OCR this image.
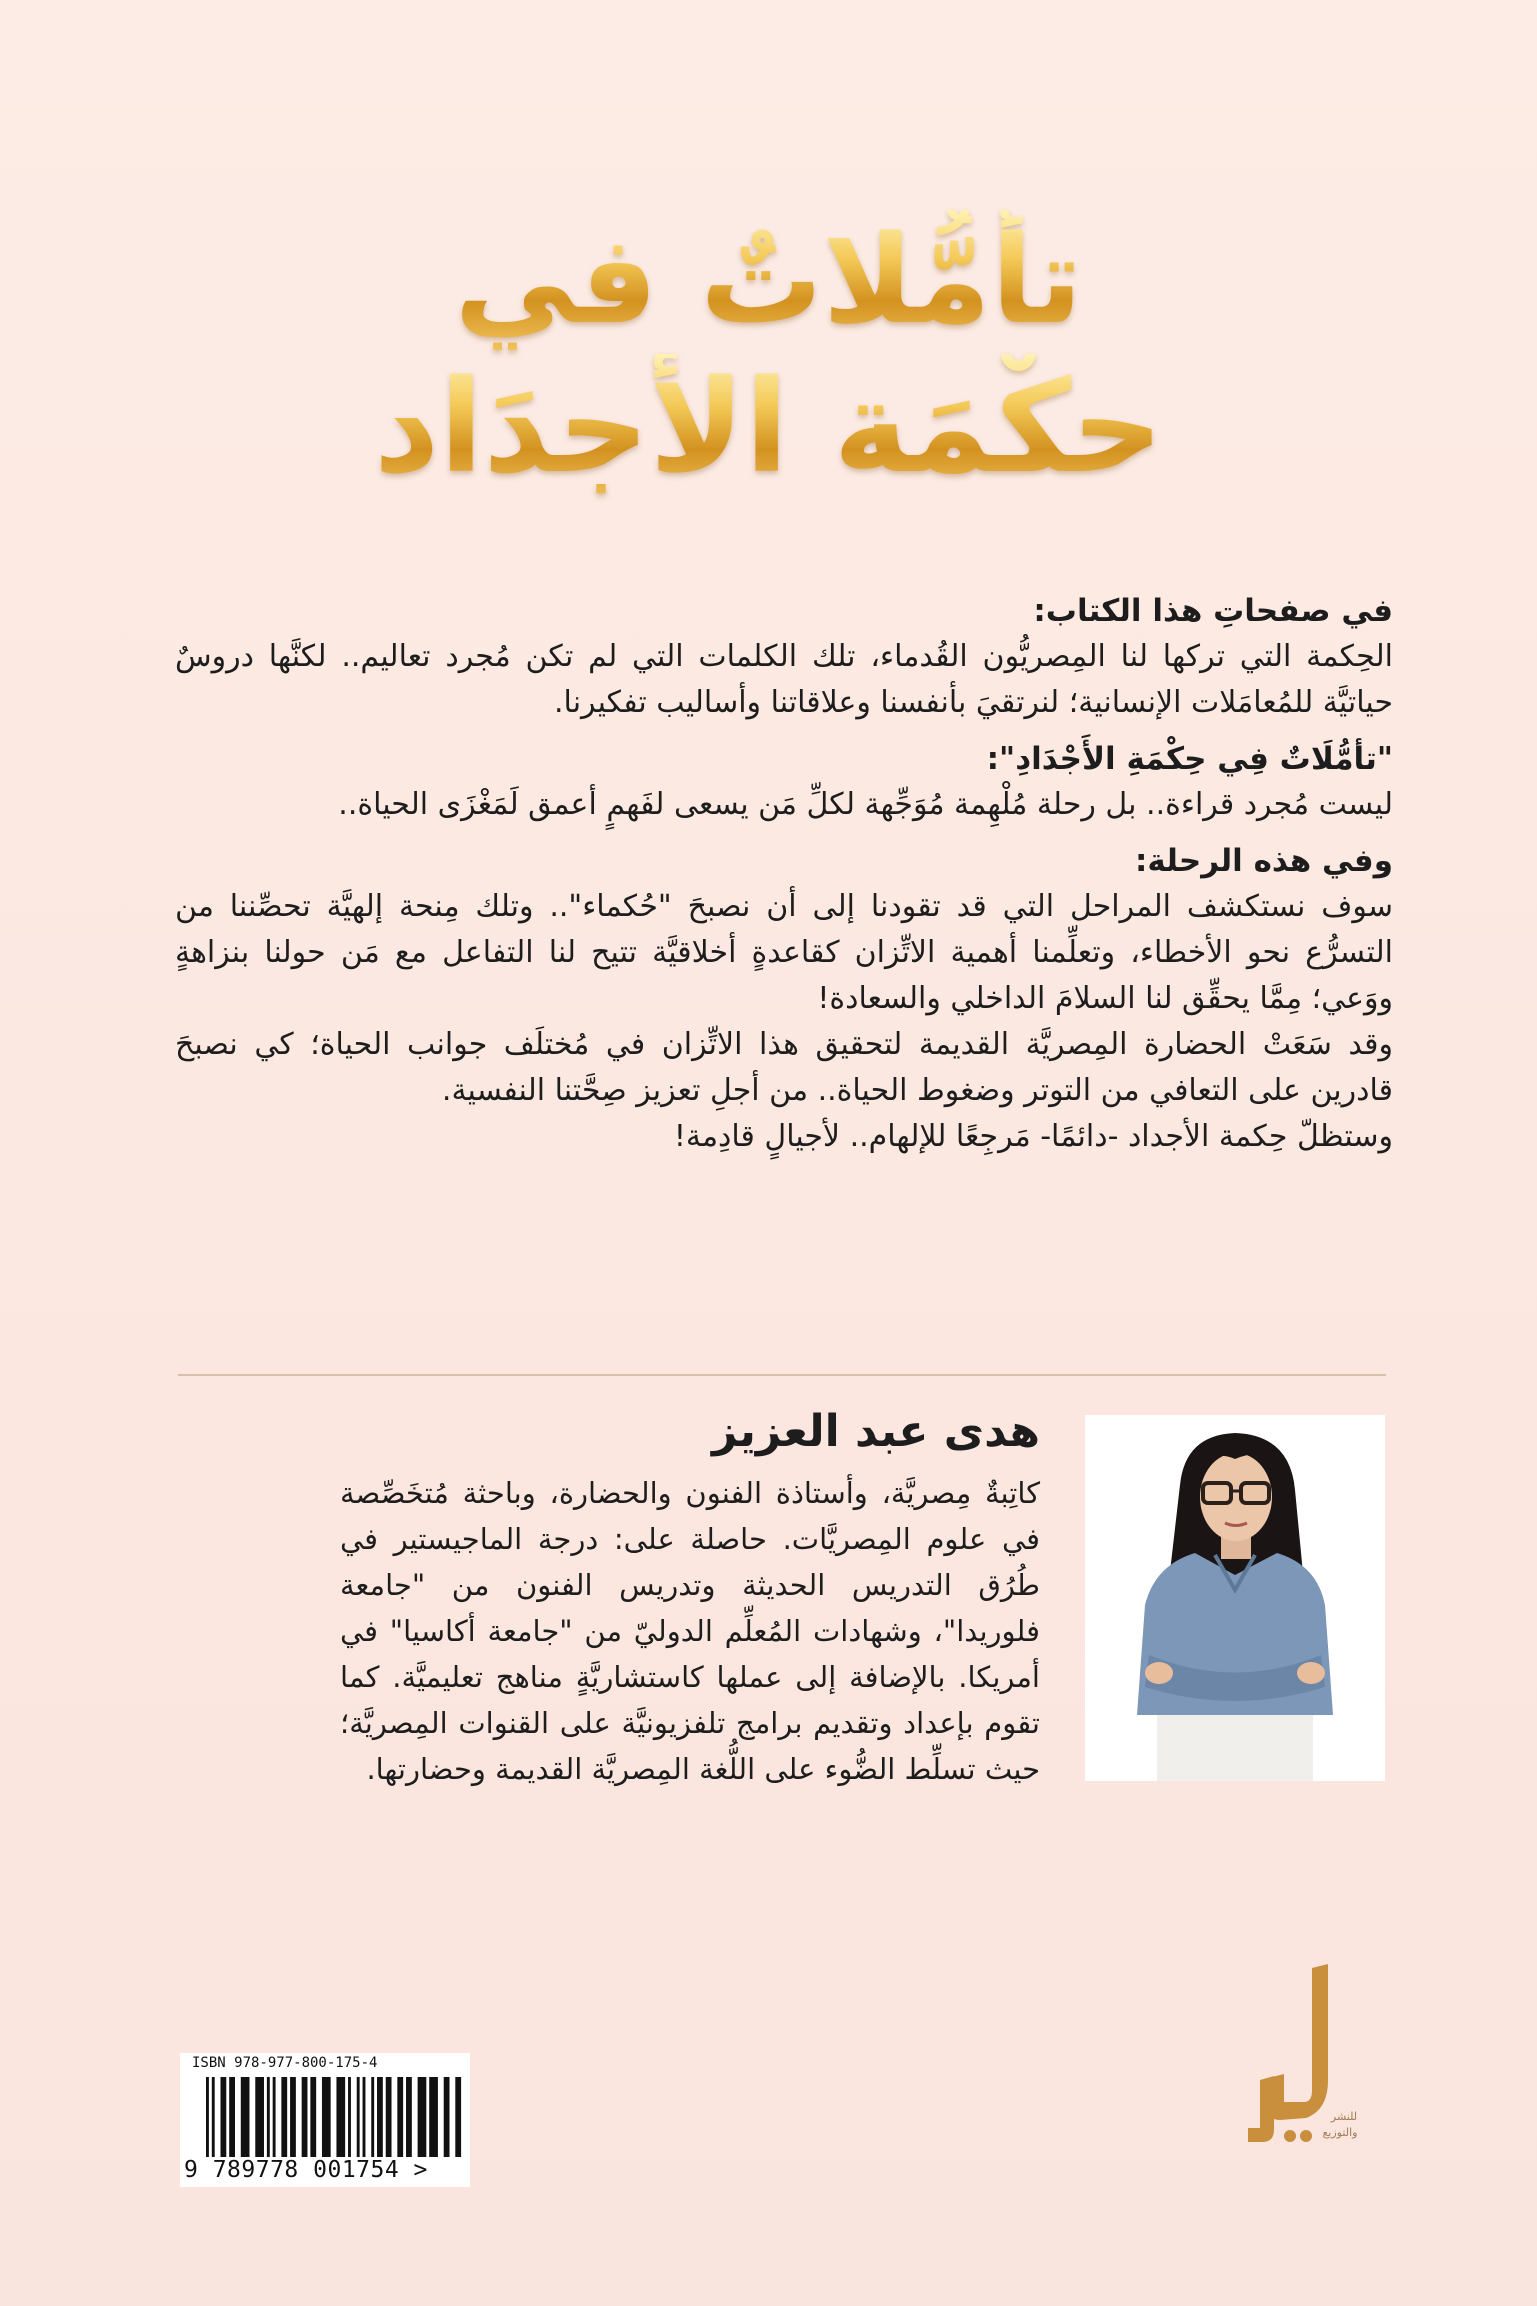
تأمُّلاتٌ في
حكْمَة الأجدَاد
في صفحاتِ هذا الكتاب:

الحِكمة التي تركها لنا المِصريُّون القُدماء، تلك الكلمات التي لم تكن مُجرد تعاليم.. لكنَّها دروسٌ حياتيَّة للمُعامَلات الإنسانية؛ لنرتقيَ بأنفسنا وعلاقاتنا وأساليب تفكيرنا.

"تأمُّلَاتٌ فِي حِكْمَةِ الأَجْدَادِ":

ليست مُجرد قراءة.. بل رحلة مُلْهِمة مُوَجِّهة لكلِّ مَن يسعى لفَهمٍ أعمق لَمَغْزَى الحياة..

وفي هذه الرحلة:

سوف نستكشف المراحل التي قد تقودنا إلى أن نصبحَ "حُكماء".. وتلك مِنحة إلهيَّة تحصِّننا من التسرُّع نحو الأخطاء، وتعلِّمنا أهمية الاتِّزان كقاعدةٍ أخلاقيَّة تتيح لنا التفاعل مع مَن حولنا بنزاهةٍ ووَعي؛ مِمَّا يحقِّق لنا السلامَ الداخلي والسعادة!

وقد سَعَتْ الحضارة المِصريَّة القديمة لتحقيق هذا الاتِّزان في مُختلَف جوانب الحياة؛ كي نصبحَ قادرين على التعافي من التوتر وضغوط الحياة.. من أجلِ تعزيز صِحَّتنا النفسية.

وستظلّ حِكمة الأجداد -دائمًا- مَرجِعًا للإلهام.. لأجيالٍ قادِمة!

هدى عبد العزيز
كاتِبةٌ مِصريَّة، وأستاذة الفنون والحضارة، وباحثة مُتخَصِّصة في علوم المِصريَّات. حاصلة على: درجة الماجيستير في طُرُق التدريس الحديثة وتدريس الفنون من "جامعة فلوريدا"، وشهادات المُعلِّم الدوليّ من "جامعة أكاسيا" في أمريكا. بالإضافة إلى عملها كاستشاريَّةٍ مناهج تعليميَّة. كما تقوم بإعداد وتقديم برامج تلفزيونيَّة على القنوات المِصريَّة؛ حيث تسلِّط الضُّوء على اللُّغة المِصريَّة القديمة وحضارتها.
ISBN 978-977-800-175-4
9 789778 001754 >
للنشر
والتوزيع
